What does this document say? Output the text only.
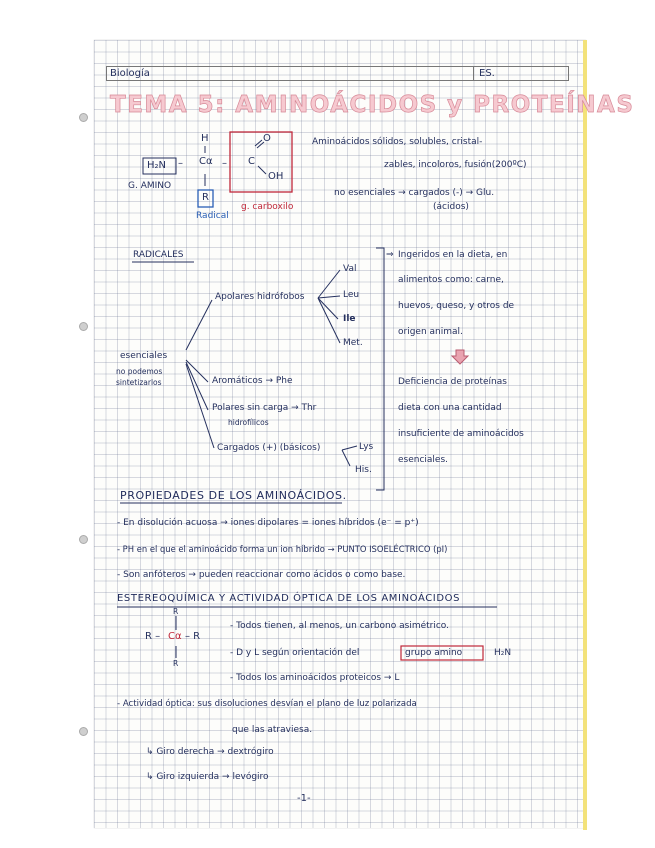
Biología	ES.
TEMA 5: AMINOÁCIDOS y PROTEÍNAS
H
Cα
–	–
H₂N
G. AMINO
R
Radical
O
C
OH
g. carboxilo
Aminoácidos sólidos, solubles, cristal-
zables, incoloros, fusión(200ºC)
no esenciales → cargados (-) → Glu.
(ácidos)
RADICALES
esenciales
no podemos
sintetizarlos
Apolares hidrófobos
Val
Leu
Ile
Met.
Aromáticos → Phe
Polares sin carga → Thr
hidrofílicos
Cargados (+) (básicos)	Lys
His.
⇒ Ingeridos en la dieta, en
alimentos como: carne,
huevos, queso, y otros de
origen animal.
Deficiencia de proteínas
dieta con una cantidad
insuficiente de aminoácidos
esenciales.
PROPIEDADES DE LOS AMINOÁCIDOS.
- En disolución acuosa → iones dipolares = iones híbridos (e⁻ = p⁺)
- PH en el que el aminoácido forma un ion híbrido → PUNTO ISOELÉCTRICO (pI)
- Son anfóteros → pueden reaccionar como ácidos o como base.
ESTEREOQUÍMICA Y ACTIVIDAD ÓPTICA DE LOS AMINOÁCIDOS
R
R – Cα – R
R
- Todos tienen, al menos, un carbono asimétrico.
- D y L según orientación del	grupo amino	H₂N
- Todos los aminoácidos proteicos → L
- Actividad óptica: sus disoluciones desvían el plano de luz polarizada
que las atraviesa.
↳ Giro derecha → dextrógiro
↳ Giro izquierda → levógiro
-1-
